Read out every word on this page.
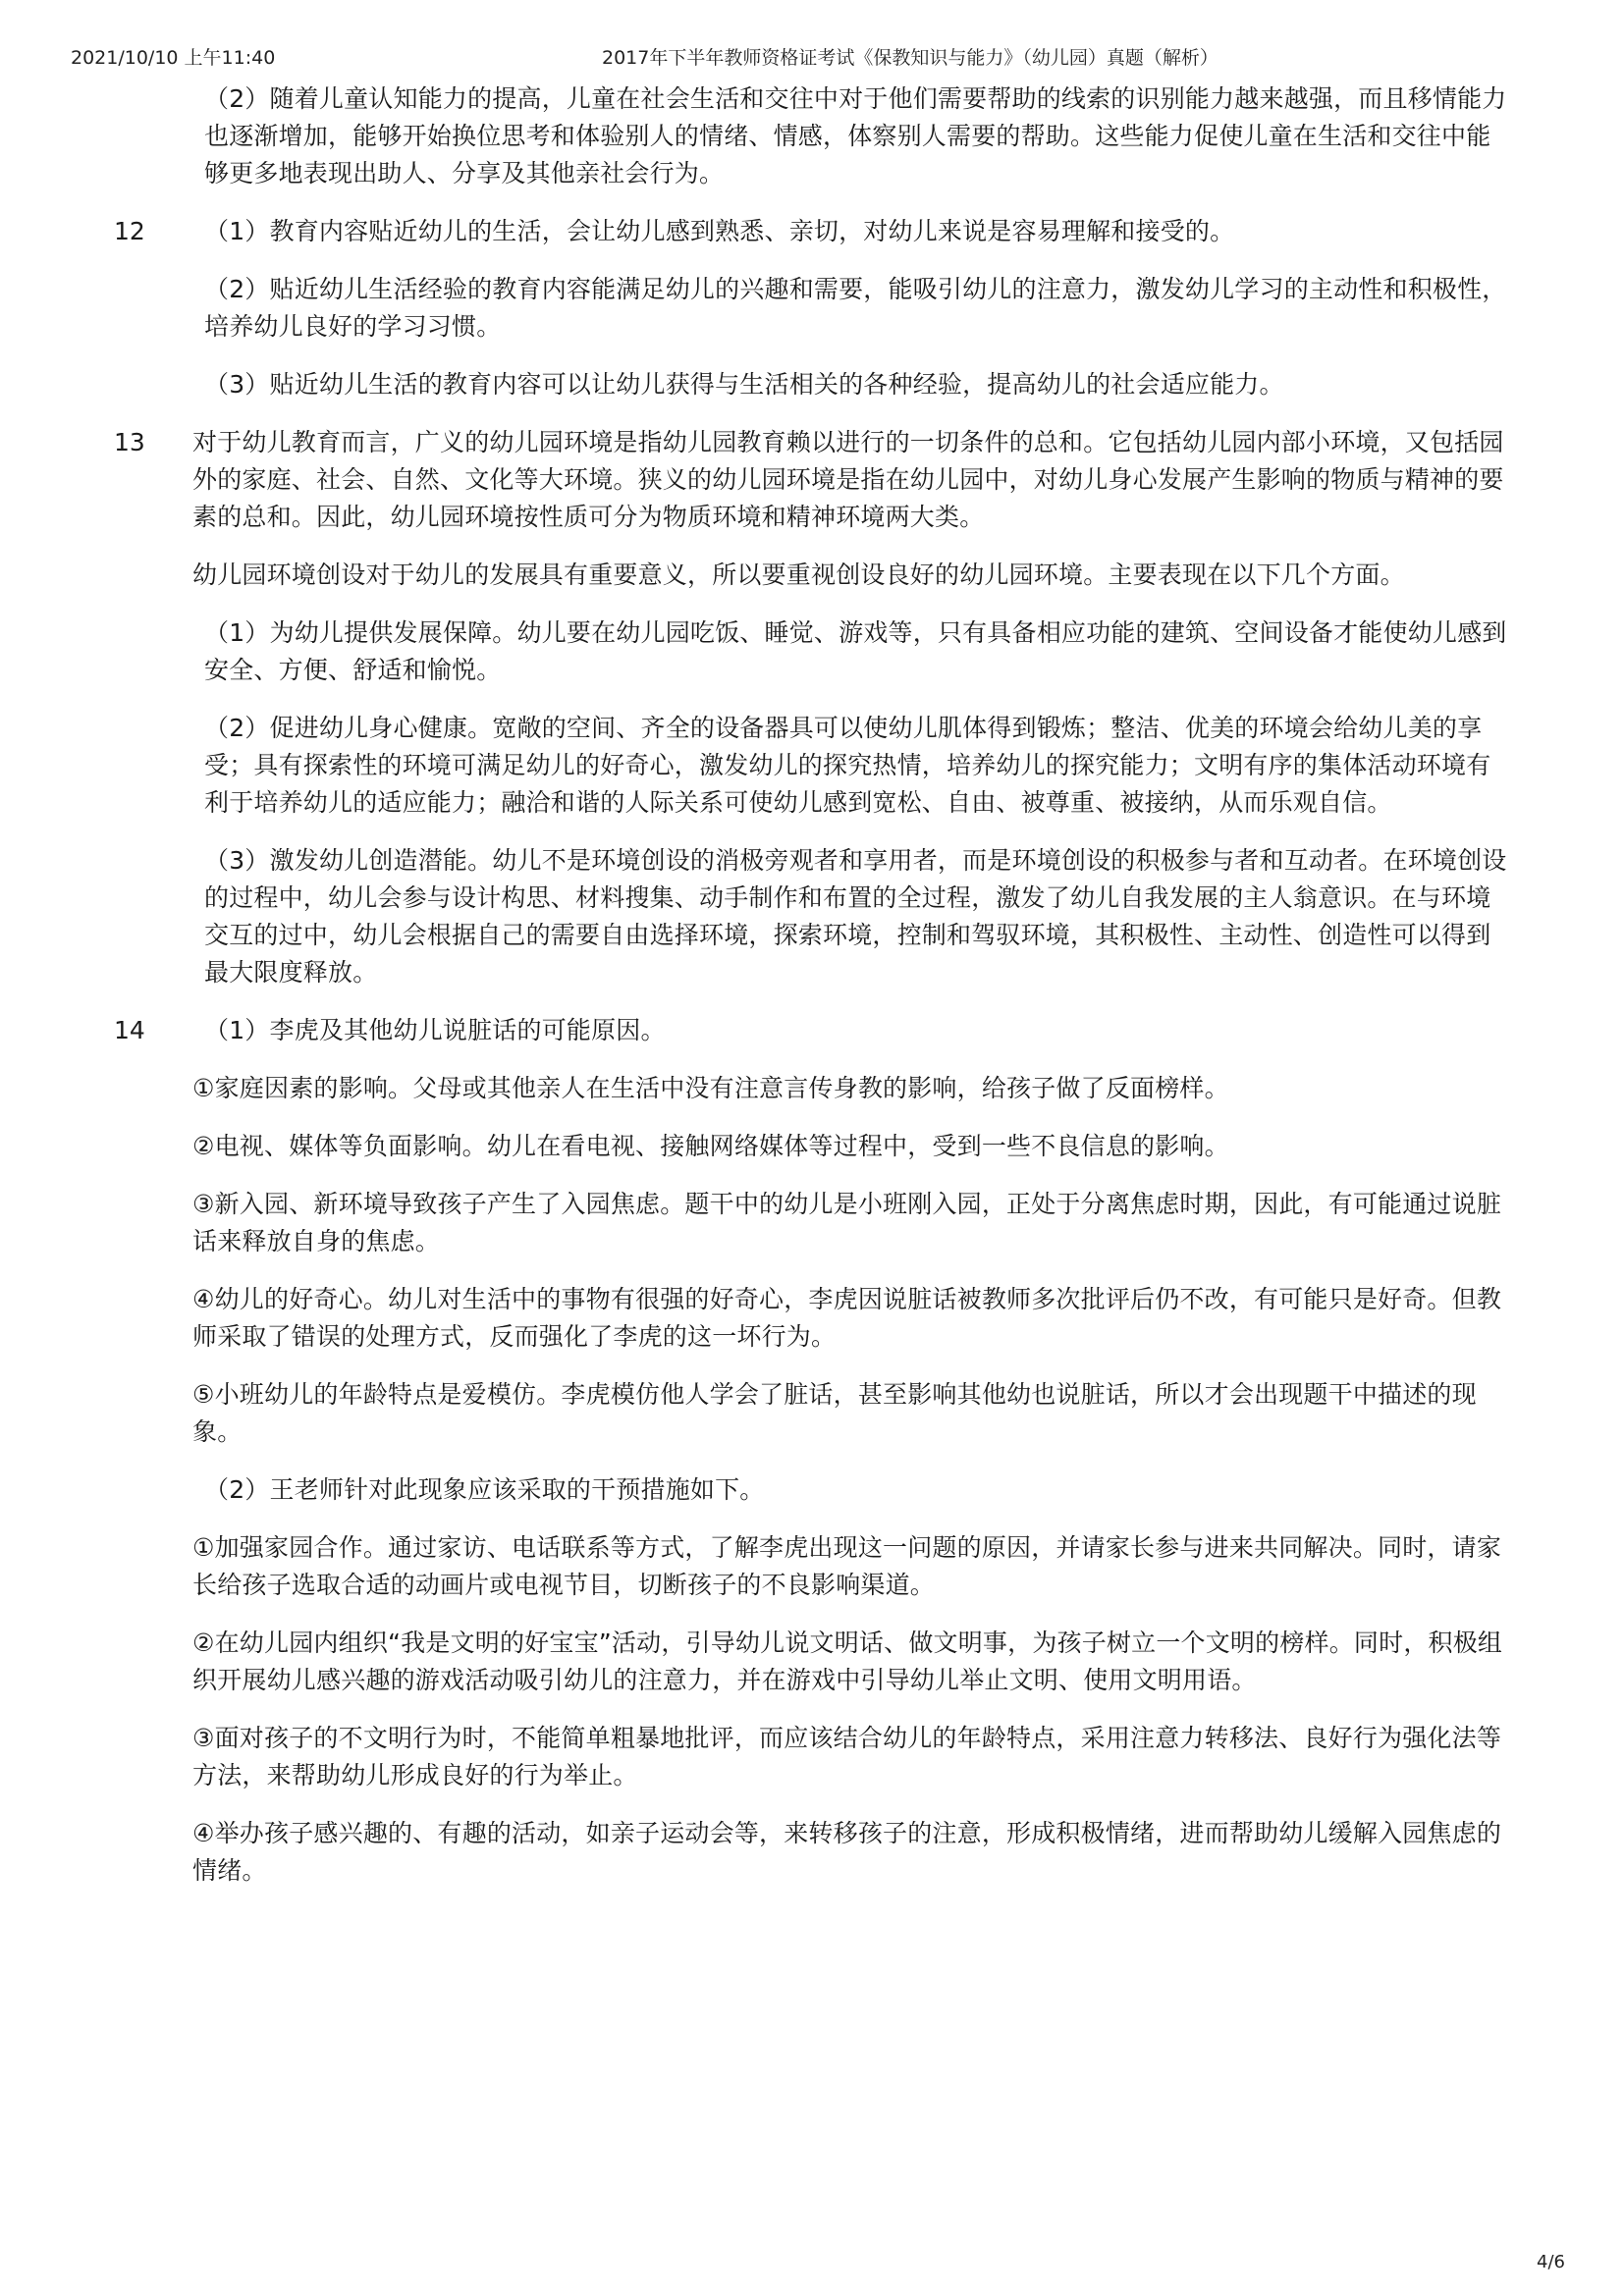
2021/10/10 上午11:40	2017年下半年教师资格证考试《保教知识与能力》（幼儿园）真题（解析）

（2）随着儿童认知能力的提高，儿童在社会生活和交往中对于他们需要帮助的线索的识别能力越来越强，而且移情能力也逐渐增加，能够开始换位思考和体验别人的情绪、情感，体察别人需要的帮助。这些能力促使儿童在生活和交往中能够更多地表现出助人、分享及其他亲社会行为。

12	（1）教育内容贴近幼儿的生活，会让幼儿感到熟悉、亲切，对幼儿来说是容易理解和接受的。

（2）贴近幼儿生活经验的教育内容能满足幼儿的兴趣和需要，能吸引幼儿的注意力，激发幼儿学习的主动性和积极性，培养幼儿良好的学习习惯。

（3）贴近幼儿生活的教育内容可以让幼儿获得与生活相关的各种经验，提高幼儿的社会适应能力。

13 对于幼儿教育而言，广义的幼儿园环境是指幼儿园教育赖以进行的一切条件的总和。它包括幼儿园内部小环境，又包括园外的家庭、社会、自然、文化等大环境。狭义的幼儿园环境是指在幼儿园中，对幼儿身心发展产生影响的物质与精神的要素的总和。因此，幼儿园环境按性质可分为物质环境和精神环境两大类。

幼儿园环境创设对于幼儿的发展具有重要意义，所以要重视创设良好的幼儿园环境。主要表现在以下几个方面。

（1）为幼儿提供发展保障。幼儿要在幼儿园吃饭、睡觉、游戏等，只有具备相应功能的建筑、空间设备才能使幼儿感到安全、方便、舒适和愉悦。

（2）促进幼儿身心健康。宽敞的空间、齐全的设备器具可以使幼儿肌体得到锻炼；整洁、优美的环境会给幼儿美的享受；具有探索性的环境可满足幼儿的好奇心，激发幼儿的探究热情，培养幼儿的探究能力；文明有序的集体活动环境有利于培养幼儿的适应能力；融洽和谐的人际关系可使幼儿感到宽松、自由、被尊重、被接纳，从而乐观自信。

（3）激发幼儿创造潜能。幼儿不是环境创设的消极旁观者和享用者，而是环境创设的积极参与者和互动者。在环境创设的过程中，幼儿会参与设计构思、材料搜集、动手制作和布置的全过程，激发了幼儿自我发展的主人翁意识。在与环境交互的过中，幼儿会根据自己的需要自由选择环境，探索环境，控制和驾驭环境，其积极性、主动性、创造性可以得到最大限度释放。

14	（1）李虎及其他幼儿说脏话的可能原因。

①家庭因素的影响。父母或其他亲人在生活中没有注意言传身教的影响，给孩子做了反面榜样。

②电视、媒体等负面影响。幼儿在看电视、接触网络媒体等过程中，受到一些不良信息的影响。

③新入园、新环境导致孩子产生了入园焦虑。题干中的幼儿是小班刚入园，正处于分离焦虑时期，因此，有可能通过说脏话来释放自身的焦虑。

④幼儿的好奇心。幼儿对生活中的事物有很强的好奇心，李虎因说脏话被教师多次批评后仍不改，有可能只是好奇。但教师采取了错误的处理方式，反而强化了李虎的这一坏行为。

⑤小班幼儿的年龄特点是爱模仿。李虎模仿他人学会了脏话，甚至影响其他幼也说脏话，所以才会出现题干中描述的现象。

（2）王老师针对此现象应该采取的干预措施如下。

①加强家园合作。通过家访、电话联系等方式，了解李虎出现这一问题的原因，并请家长参与进来共同解决。同时，请家长给孩子选取合适的动画片或电视节目，切断孩子的不良影响渠道。

②在幼儿园内组织“我是文明的好宝宝”活动，引导幼儿说文明话、做文明事，为孩子树立一个文明的榜样。同时，积极组织开展幼儿感兴趣的游戏活动吸引幼儿的注意力，并在游戏中引导幼儿举止文明、使用文明用语。

③面对孩子的不文明行为时，不能简单粗暴地批评，而应该结合幼儿的年龄特点，采用注意力转移法、良好行为强化法等方法，来帮助幼儿形成良好的行为举止。

④举办孩子感兴趣的、有趣的活动，如亲子运动会等，来转移孩子的注意，形成积极情绪，进而帮助幼儿缓解入园焦虑的情绪。

4/6
